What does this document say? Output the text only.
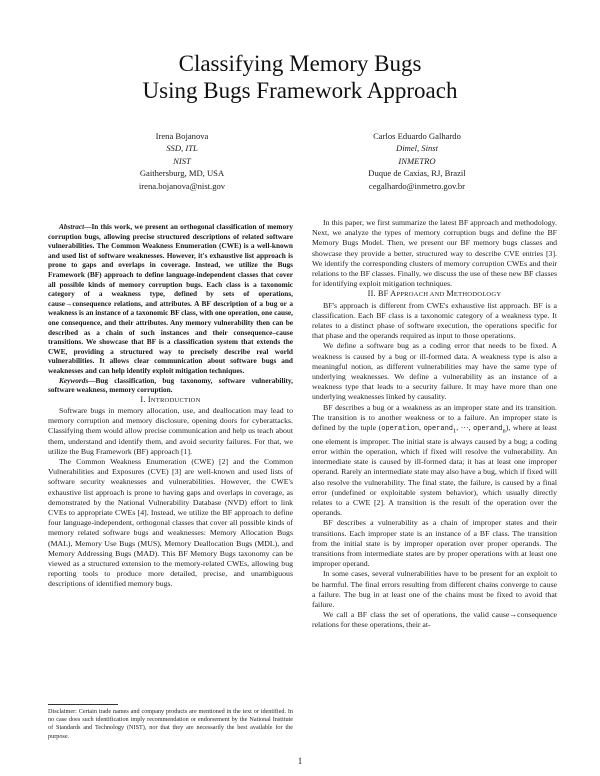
Classifying Memory Bugs
Using Bugs Framework Approach
Irena Bojanova
SSD, ITL
NIST
Gaithersburg, MD, USA
irena.bojanova@nist.gov
Carlos Eduardo Galhardo
Dimel, Sinst
INMETRO
Duque de Caxias, RJ, Brazil
cegalhardo@inmetro.gov.br

Abstract—In this work, we present an orthogonal classification of memory corruption bugs, allowing precise structured descriptions of related software vulnerabilities. The Common Weakness Enumeration (CWE) is a well-known and used list of software weaknesses. However, it's exhaustive list approach is prone to gaps and overlaps in coverage. Instead, we utilize the Bugs Framework (BF) approach to define language-independent classes that cover all possible kinds of memory corruption bugs. Each class is a taxonomic category of a weakness type, defined by sets of operations, cause→consequence relations, and attributes. A BF description of a bug or a weakness is an instance of a taxonomic BF class, with one operation, one cause, one consequence, and their attributes. Any memory vulnerability then can be described as a chain of such instances and their consequence–cause transitions. We showcase that BF is a classification system that extends the CWE, providing a structured way to precisely describe real world vulnerabilities. It allows clear communication about software bugs and weaknesses and can help identify exploit mitigation techniques.

Keywords—Bug classification, bug taxonomy, software vulnerability, software weakness, memory corruption.

I. INTRODUCTION

Software bugs in memory allocation, use, and deallocation may lead to memory corruption and memory disclosure, opening doors for cyberattacks. Classifying them would allow precise communication and help us teach about them, understand and identify them, and avoid security failures. For that, we utilize the Bug Framework (BF) approach [1].

The Common Weakness Enumeration (CWE) [2] and the Common Vulnerabilities and Exposures (CVE) [3] are well-known and used lists of software security weaknesses and vulnerabilities. However, the CWE's exhaustive list approach is prone to having gaps and overlaps in coverage, as demonstrated by the National Vulnerability Database (NVD) effort to link CVEs to appropriate CWEs [4]. Instead, we utilize the BF approach to define four language-independent, orthogonal classes that cover all possible kinds of memory related software bugs and weaknesses: Memory Allocation Bugs (MAL), Memory Use Bugs (MUS), Memory Deallocation Bugs (MDL), and Memory Addressing Bugs (MAD). This BF Memory Bugs taxonomy can be viewed as a structured extension to the memory-related CWEs, allowing bug reporting tools to produce more detailed, precise, and unambiguous descriptions of identified memory bugs.

In this paper, we first summarize the latest BF approach and methodology. Next, we analyze the types of memory corruption bugs and define the BF Memory Bugs Model. Then, we present our BF memory bugs classes and showcase they provide a better, structured way to describe CVE entries [3]. We identify the corresponding clusters of memory corruption CWEs and their relations to the BF classes. Finally, we discuss the use of these new BF classes for identifying exploit mitigation techniques.

II. BF APPROACH AND METHODOLOGY

BF's approach is different from CWE's exhaustive list approach. BF is a classification. Each BF class is a taxonomic category of a weakness type. It relates to a distinct phase of software execution, the operations specific for that phase and the operands required as input to those operations.

We define a software bug as a coding error that needs to be fixed. A weakness is caused by a bug or ill-formed data. A weakness type is also a meaningful notion, as different vulnerabilities may have the same type of underlying weaknesses. We define a vulnerability as an instance of a weakness type that leads to a security failure. It may have more than one underlying weaknesses linked by causality.

BF describes a bug or a weakness as an improper state and its transition. The transition is to another weakness or to a failure. An improper state is defined by the tuple (operation, operand$_1$, ···, operand$_n$), where at least one element is improper. The initial state is always caused by a bug; a coding error within the operation, which if fixed will resolve the vulnerability. An intermediate state is caused by ill-formed data; it has at least one improper operand. Rarely an intermediate state may also have a bug, which if fixed will also resolve the vulnerability. The final state, the failure, is caused by a final error (undefined or exploitable system behavior), which usually directly relates to a CWE [2]. A transition is the result of the operation over the operands.

BF describes a vulnerability as a chain of improper states and their transitions. Each improper state is an instance of a BF class. The transition from the initial state is by improper operation over proper operands. The transitions from intermediate states are by proper operations with at least one improper operand.

In some cases, several vulnerabilities have to be present for an exploit to be harmful. The final errors resulting from different chains converge to cause a failure. The bug in at least one of the chains must be fixed to avoid that failure.

We call a BF class the set of operations, the valid cause→consequence relations for these operations, their at-

Disclaimer: Certain trade names and company products are mentioned in the text or identified. In no case does such identification imply recommendation or endorsement by the National Institute of Standards and Technology (NIST), nor that they are necessarily the best available for the purpose.
1
